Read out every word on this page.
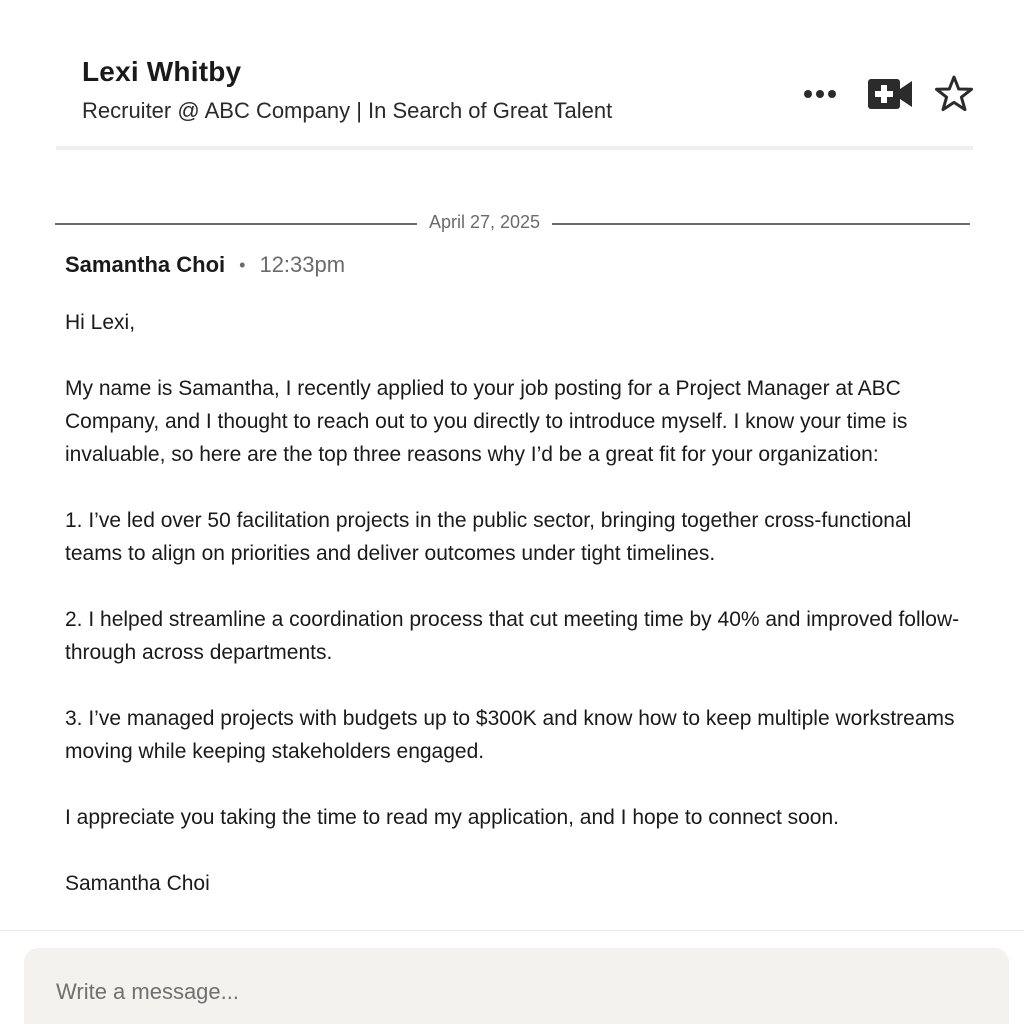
Lexi Whitby
Recruiter @ ABC Company | In Search of Great Talent
April 27, 2025
Samantha Choi • 12:33pm

Hi Lexi,

My name is Samantha, I recently applied to your job posting for a Project Manager at ABC Company, and I thought to reach out to you directly to introduce myself. I know your time is invaluable, so here are the top three reasons why I’d be a great fit for your organization:

1. I’ve led over 50 facilitation projects in the public sector, bringing together cross-functional teams to align on priorities and deliver outcomes under tight timelines.

2. I helped streamline a coordination process that cut meeting time by 40% and improved follow-through across departments.

3. I’ve managed projects with budgets up to $300K and know how to keep multiple workstreams moving while keeping stakeholders engaged.

I appreciate you taking the time to read my application, and I hope to connect soon.

Samantha Choi

Write a message...
